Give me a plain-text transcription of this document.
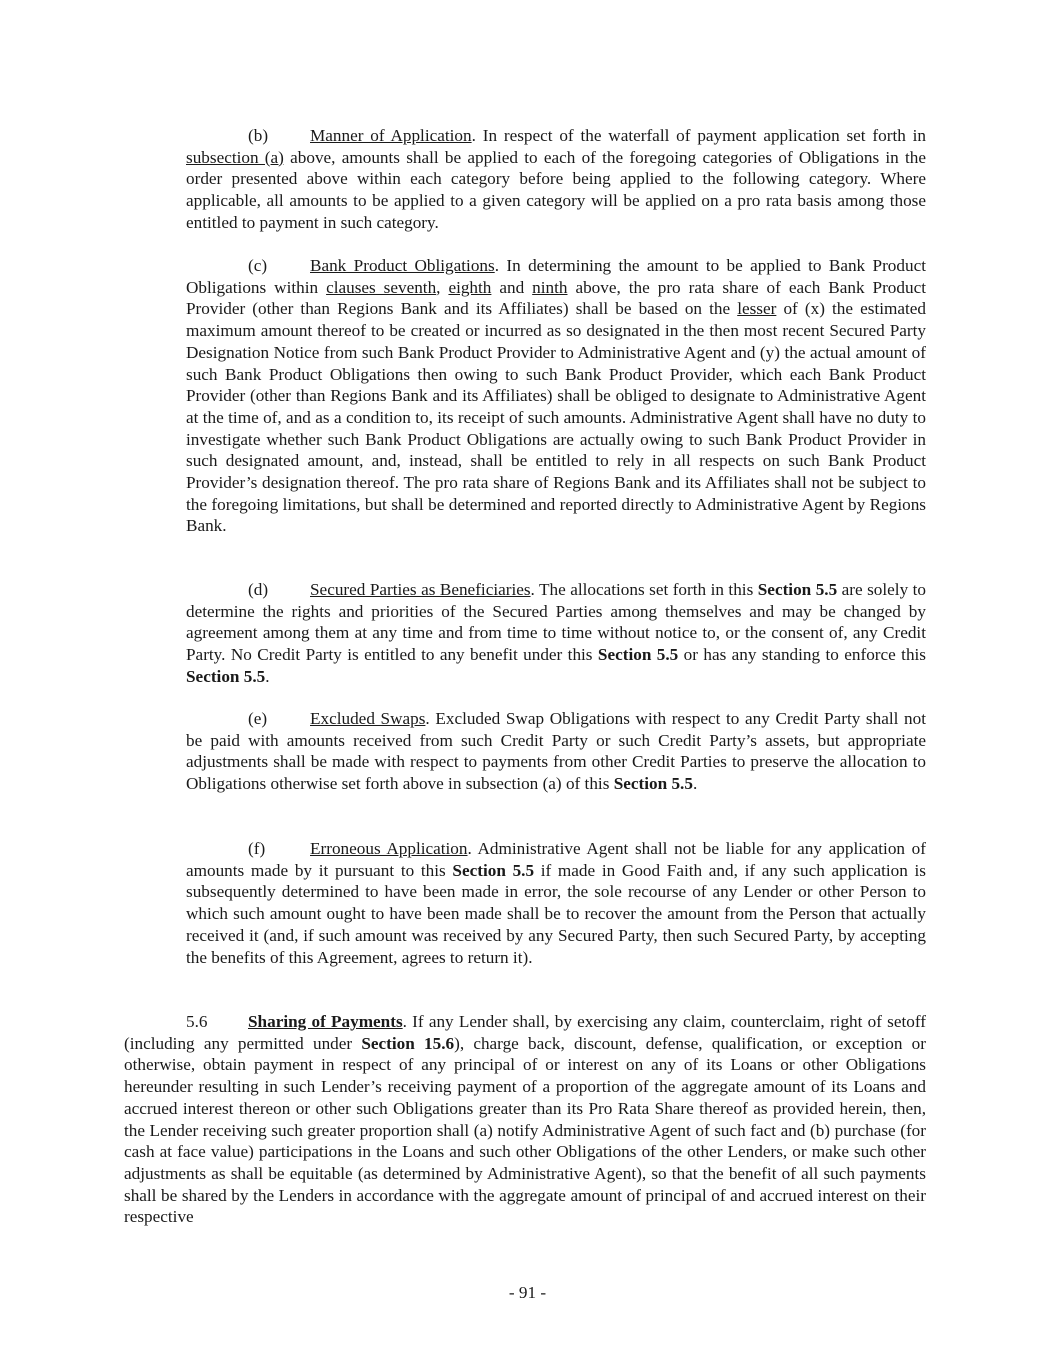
(b) Manner of Application. In respect of the waterfall of payment application set forth in subsection (a) above, amounts shall be applied to each of the foregoing categories of Obligations in the order presented above within each category before being applied to the following category. Where applicable, all amounts to be applied to a given category will be applied on a pro rata basis among those entitled to payment in such category.

(c) Bank Product Obligations. In determining the amount to be applied to Bank Product Obligations within clauses seventh, eighth and ninth above, the pro rata share of each Bank Product Provider (other than Regions Bank and its Affiliates) shall be based on the lesser of (x) the estimated maximum amount thereof to be created or incurred as so designated in the then most recent Secured Party Designation Notice from such Bank Product Provider to Administrative Agent and (y) the actual amount of such Bank Product Obligations then owing to such Bank Product Provider, which each Bank Product Provider (other than Regions Bank and its Affiliates) shall be obliged to designate to Administrative Agent at the time of, and as a condition to, its receipt of such amounts. Administrative Agent shall have no duty to investigate whether such Bank Product Obligations are actually owing to such Bank Product Provider in such designated amount, and, instead, shall be entitled to rely in all respects on such Bank Product Provider’s designation thereof. The pro rata share of Regions Bank and its Affiliates shall not be subject to the foregoing limitations, but shall be determined and reported directly to Administrative Agent by Regions Bank.

(d) Secured Parties as Beneficiaries. The allocations set forth in this Section 5.5 are solely to determine the rights and priorities of the Secured Parties among themselves and may be changed by agreement among them at any time and from time to time without notice to, or the consent of, any Credit Party. No Credit Party is entitled to any benefit under this Section 5.5 or has any standing to enforce this Section 5.5.

(e) Excluded Swaps. Excluded Swap Obligations with respect to any Credit Party shall not be paid with amounts received from such Credit Party or such Credit Party’s assets, but appropriate adjustments shall be made with respect to payments from other Credit Parties to preserve the allocation to Obligations otherwise set forth above in subsection (a) of this Section 5.5.

(f)	Erroneous Application. Administrative Agent shall not be liable for any application of amounts made by it pursuant to this Section 5.5 if made in Good Faith and, if any such application is subsequently determined to have been made in error, the sole recourse of any Lender or other Person to which such amount ought to have been made shall be to recover the amount from the Person that actually received it (and, if such amount was received by any Secured Party, then such Secured Party, by accepting the benefits of this Agreement, agrees to return it).

5.6 Sharing of Payments. If any Lender shall, by exercising any claim, counterclaim, right of setoff (including any permitted under Section 15.6), charge back, discount, defense, qualification, or exception or otherwise, obtain payment in respect of any principal of or interest on any of its Loans or other Obligations hereunder resulting in such Lender’s receiving payment of a proportion of the aggregate amount of its Loans and accrued interest thereon or other such Obligations greater than its Pro Rata Share thereof as provided herein, then, the Lender receiving such greater proportion shall (a) notify Administrative Agent of such fact and (b) purchase (for cash at face value) participations in the Loans and such other Obligations of the other Lenders, or make such other adjustments as shall be equitable (as determined by Administrative Agent), so that the benefit of all such payments shall be shared by the Lenders in accordance with the aggregate amount of principal of and accrued interest on their respective

- 91 -
